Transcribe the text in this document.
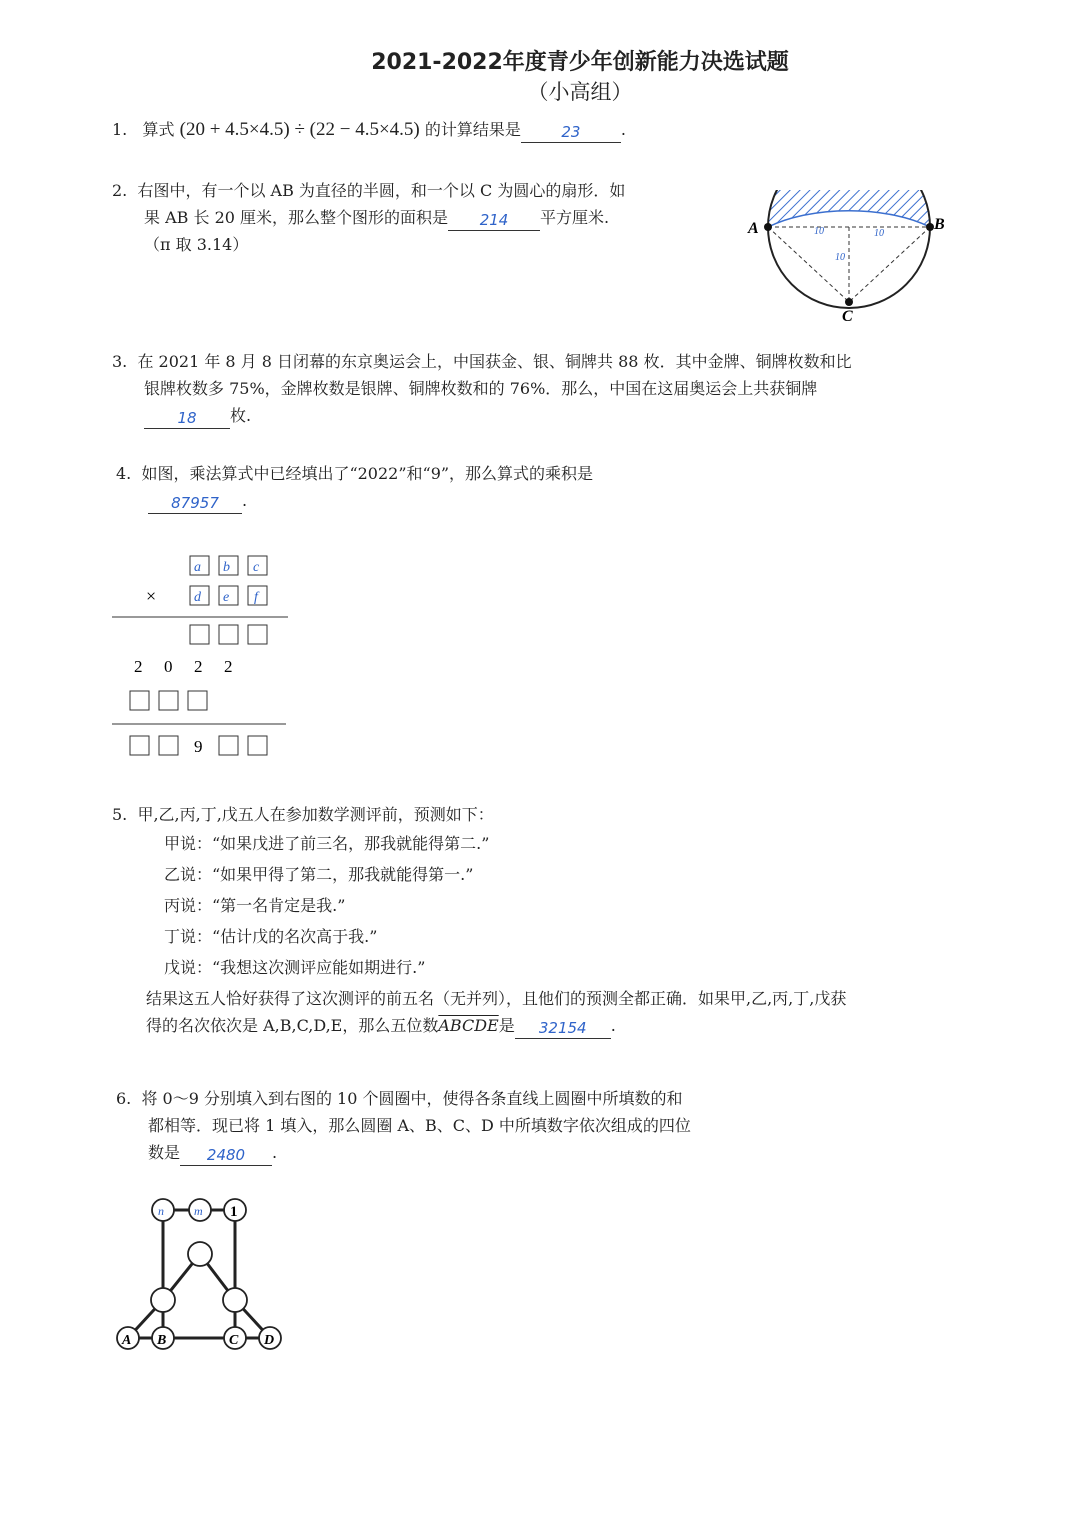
2021-2022年度青少年创新能力决选试题
（小高组）
1. 算式 (20 + 4.5×4.5) ÷ (22 − 4.5×4.5) 的计算结果是	23	.
2. 右图中，有一个以 AB 为直径的半圆，和一个以 C 为圆心的扇形．如
果 AB 长 20 厘米，那么整个图形的面积是 214 平方厘米.
（π 取 3.14）
A	B
C
10	10
10
3. 在 2021 年 8 月 8 日闭幕的东京奥运会上，中国获金、银、铜牌共 88 枚．其中金牌、铜牌枚数和比
银牌枚数多 75%，金牌枚数是银牌、铜牌枚数和的 76%．那么，中国在这届奥运会上共获铜牌
18 枚.
4. 如图，乘法算式中已经填出了“2022”和“9”，那么算式的乘积是
87957 .
a b c
×	d e f
2 0 2 2
9
5. 甲,乙,丙,丁,戊五人在参加数学测评前，预测如下：
甲说：“如果戊进了前三名，那我就能得第二.”
乙说：“如果甲得了第二，那我就能得第一.”
丙说：“第一名肯定是我.”
丁说：“估计戊的名次高于我.”
戊说：“我想这次测评应能如期进行.”
结果这五人恰好获得了这次测评的前五名（无并列），且他们的预测全都正确．如果甲,乙,丙,丁,戊获
得的名次依次是 A,B,C,D,E，那么五位数ABCDE是 32154 .
6. 将 0～9 分别填入到右图的 10 个圆圈中，使得各条直线上圆圈中所填数的和
都相等．现已将 1 填入，那么圆圈 A、B、C、D 中所填数字依次组成的四位
数是 2480 .
n	m 1
A B	C D
